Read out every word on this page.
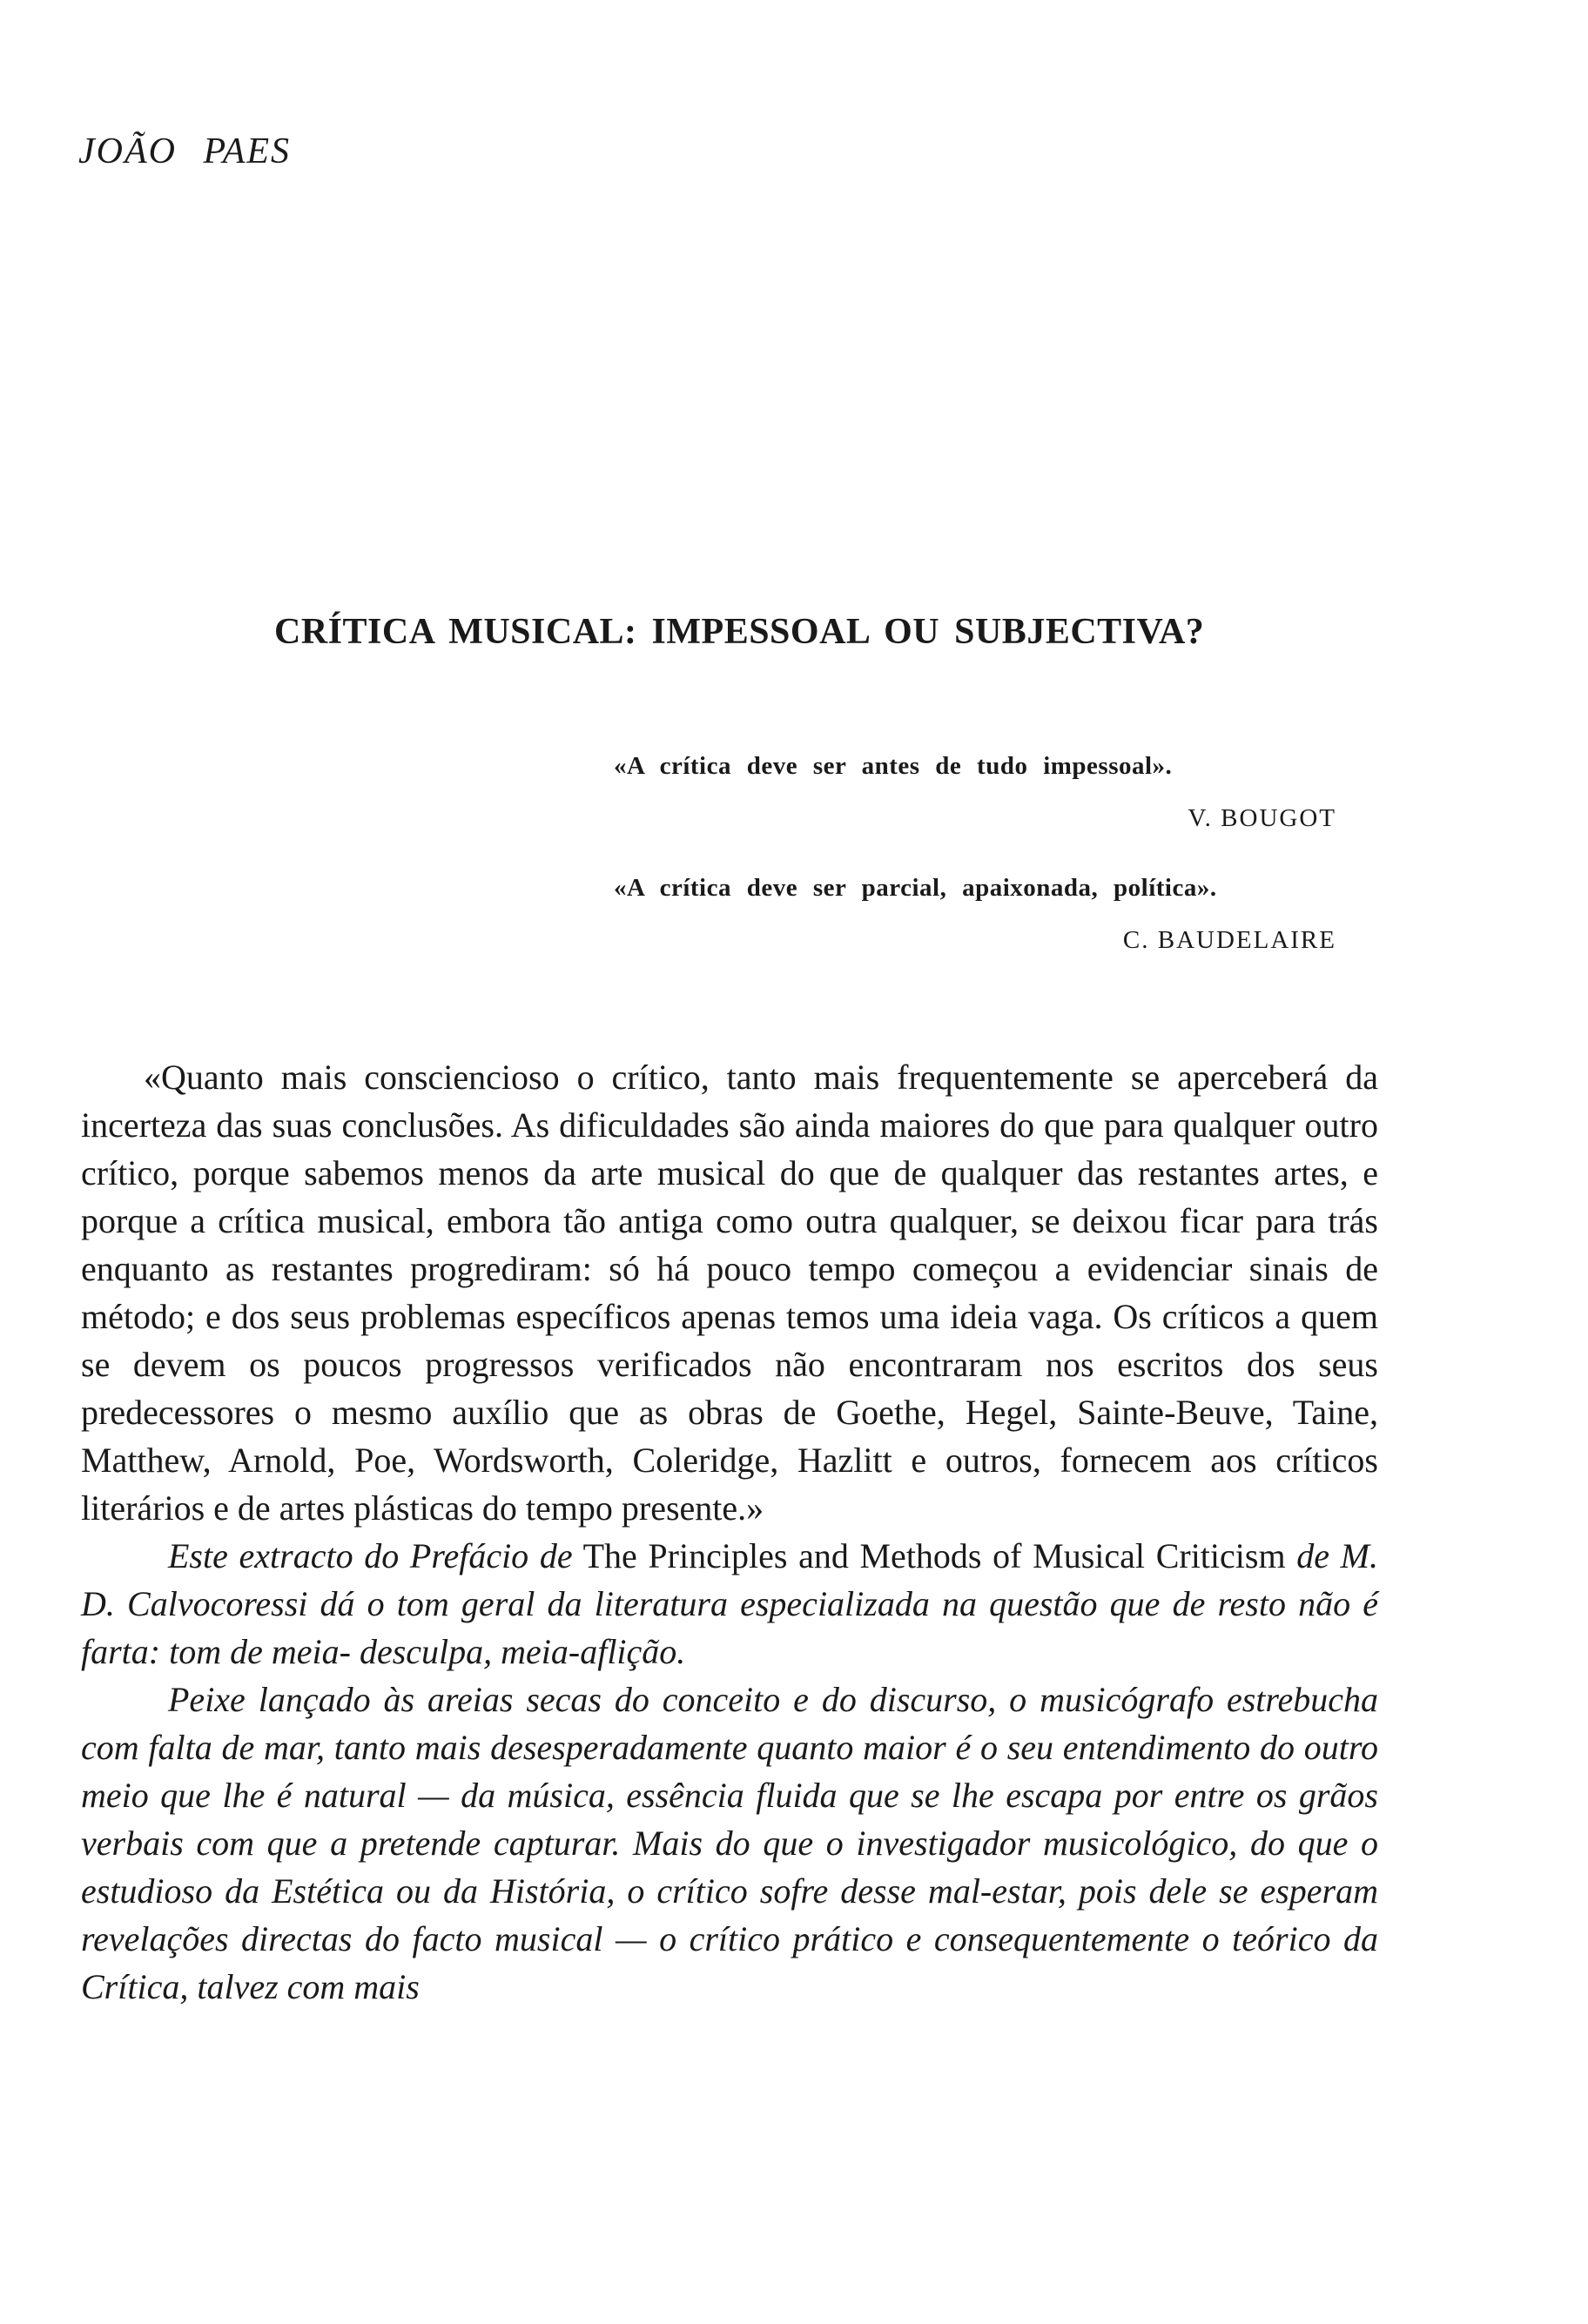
JOÃO PAES
CRÍTICA MUSICAL: IMPESSOAL OU SUBJECTIVA?
«A crítica deve ser antes de tudo impessoal».
V. BOUGOT
«A crítica deve ser parcial, apaixonada, política».
C. BAUDELAIRE

«Quanto mais consciencioso o crítico, tanto mais frequentemente se aperceberá da incerteza das suas conclusões. As dificuldades são ainda maiores do que para qualquer outro crítico, porque sabemos menos da arte musical do que de qualquer das restantes artes, e porque a crítica musical, embora tão antiga como outra qualquer, se deixou ficar para trás enquanto as restantes progrediram: só há pouco tempo começou a evidenciar sinais de método; e dos seus problemas específicos apenas temos uma ideia vaga. Os críticos a quem se devem os poucos progressos verificados não encontraram nos escritos dos seus predecessores o mesmo auxílio que as obras de Goethe, Hegel, Sainte-Beuve, Taine, Matthew, Arnold, Poe, Wordsworth, Coleridge, Hazlitt e outros, fornecem aos críticos literários e de artes plásticas do tempo presente.»

Este extracto do Prefácio de The Principles and Methods of Musical Criticism de M. D. Calvocoressi dá o tom geral da literatura especializada na questão que de resto não é farta: tom de meia- desculpa, meia-aflição.

Peixe lançado às areias secas do conceito e do discurso, o musicógrafo estrebucha com falta de mar, tanto mais desesperadamente quanto maior é o seu entendimento do outro meio que lhe é natural — da música, essência fluida que se lhe escapa por entre os grãos verbais com que a pretende capturar. Mais do que o investigador musicológico, do que o estudioso da Estética ou da História, o crítico sofre desse mal-estar, pois dele se esperam revelações directas do facto musical — o crítico prático e consequentemente o teórico da Crítica, talvez com mais
